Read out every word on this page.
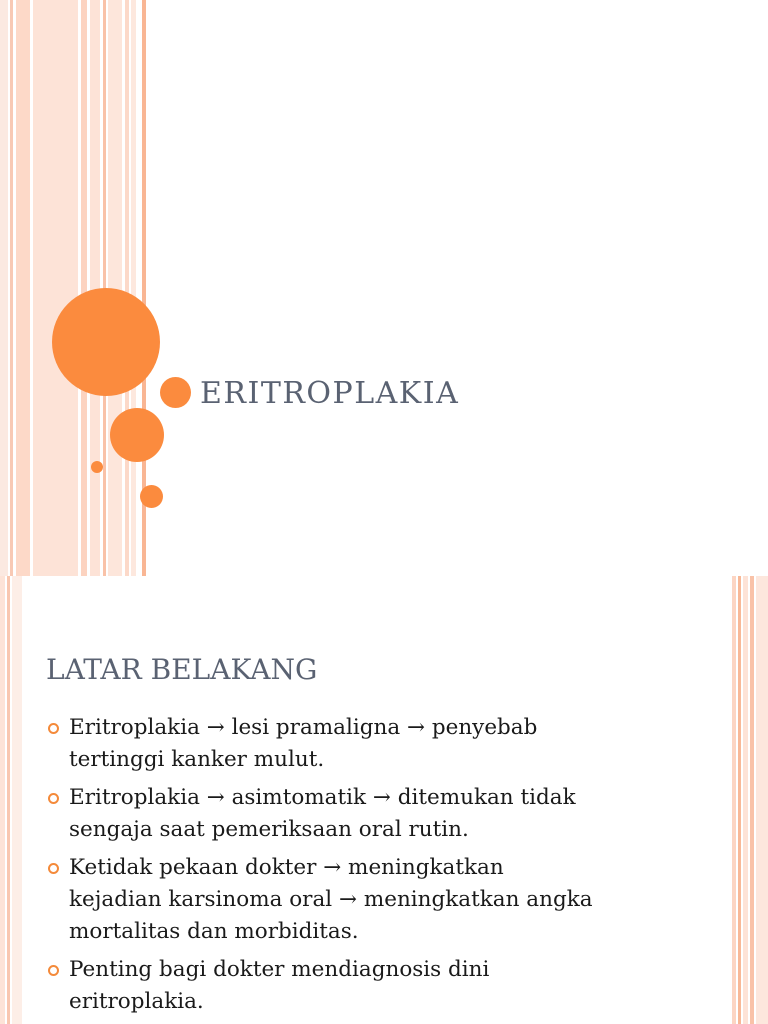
ERITROPLAKIA
LATAR BELAKANG
Eritroplakia → lesi pramaligna → penyebab
tertinggi kanker mulut.
Eritroplakia → asimtomatik → ditemukan tidak
sengaja saat pemeriksaan oral rutin.
Ketidak pekaan dokter → meningkatkan
kejadian karsinoma oral → meningkatkan angka
mortalitas dan morbiditas.
Penting bagi dokter mendiagnosis dini
eritroplakia.
